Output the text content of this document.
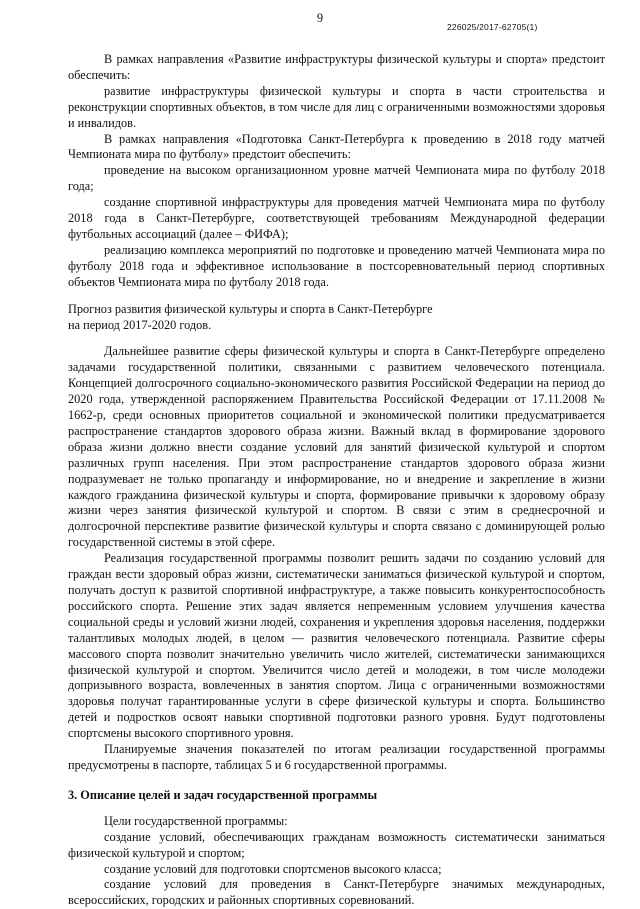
9
226025/2017-62705(1)

В рамках направления «Развитие инфраструктуры физической культуры и спорта» предстоит обеспечить:

развитие инфраструктуры физической культуры и спорта в части строительства и реконструкции спортивных объектов, в том числе для лиц с ограниченными возможностями здоровья и инвалидов.

В рамках направления «Подготовка Санкт-Петербурга к проведению в 2018 году матчей Чемпионата мира по футболу» предстоит обеспечить:

проведение на высоком организационном уровне матчей Чемпионата мира по футболу 2018 года;

создание спортивной инфраструктуры для проведения матчей Чемпионата мира по футболу 2018 года в Санкт-Петербурге, соответствующей требованиям Международной федерации футбольных ассоциаций (далее – ФИФА);

реализацию комплекса мероприятий по подготовке и проведению матчей Чемпионата мира по футболу 2018 года и эффективное использование в постсоревновательный период спортивных объектов Чемпионата мира по футболу 2018 года.

Прогноз развития физической культуры и спорта в Санкт-Петербурге

на период 2017-2020 годов.

Дальнейшее развитие сферы физической культуры и спорта в Санкт-Петербурге определено задачами государственной политики, связанными с развитием человеческого потенциала. Концепцией долгосрочного социально-экономического развития Российской Федерации на период до 2020 года, утвержденной распоряжением Правительства Российской Федерации от 17.11.2008 № 1662-р, среди основных приоритетов социальной и экономической политики предусматривается распространение стандартов здорового образа жизни. Важный вклад в формирование здорового образа жизни должно внести создание условий для занятий физической культурой и спортом различных групп населения. При этом распространение стандартов здорового образа жизни подразумевает не только пропаганду и информирование, но и внедрение и закрепление в жизни каждого гражданина физической культуры и спорта, формирование привычки к здоровому образу жизни через занятия физической культурой и спортом. В связи с этим в среднесрочной и долгосрочной перспективе развитие физической культуры и спорта связано с доминирующей ролью государственной системы в этой сфере.

Реализация государственной программы позволит решить задачи по созданию условий для граждан вести здоровый образ жизни, систематически заниматься физической культурой и спортом, получать доступ к развитой спортивной инфраструктуре, а также повысить конкурентоспособность российского спорта. Решение этих задач является непременным условием улучшения качества социальной среды и условий жизни людей, сохранения и укрепления здоровья населения, поддержки талантливых молодых людей, в целом — развития человеческого потенциала. Развитие сферы массового спорта позволит значительно увеличить число жителей, систематически занимающихся физической культурой и спортом. Увеличится число детей и молодежи, в том числе молодежи допризывного возраста, вовлеченных в занятия спортом. Лица с ограниченными возможностями здоровья получат гарантированные услуги в сфере физической культуры и спорта. Большинство детей и подростков освоят навыки спортивной подготовки разного уровня. Будут подготовлены спортсмены высокого спортивного уровня.

Планируемые значения показателей по итогам реализации государственной программы предусмотрены в паспорте, таблицах 5 и 6 государственной программы.

3. Описание целей и задач государственной программы

Цели государственной программы:

создание условий, обеспечивающих гражданам возможность систематически заниматься физической культурой и спортом;

создание условий для подготовки спортсменов высокого класса;

создание условий для проведения в Санкт-Петербурге значимых международных, всероссийских, городских и районных спортивных соревнований.
